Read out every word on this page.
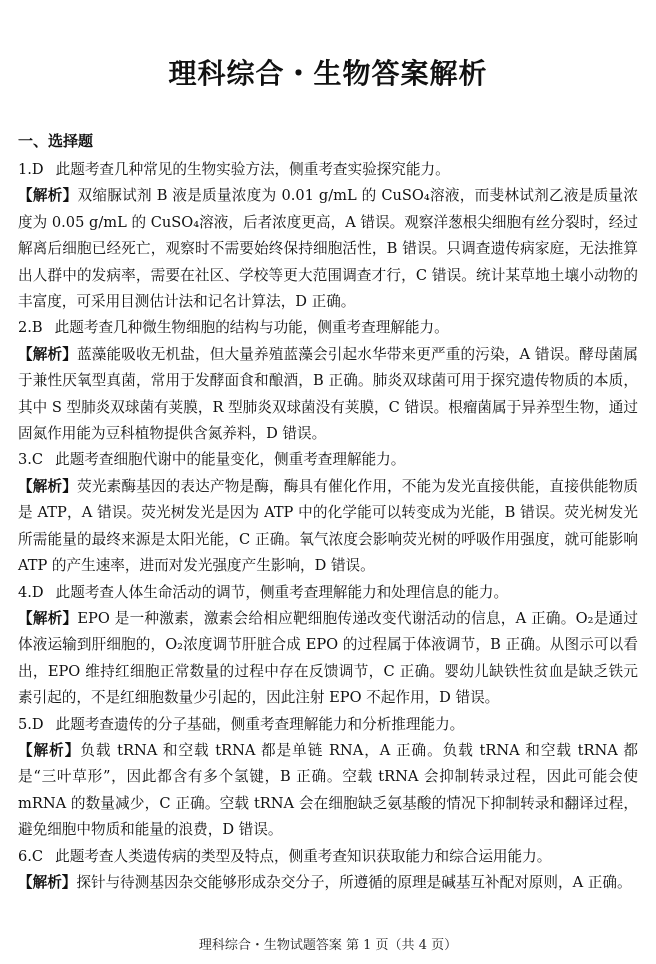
理科综合・生物答案解析
一、选择题
1.D 此题考查几种常见的生物实验方法，侧重考查实验探究能力。
【解析】双缩脲试剂 B 液是质量浓度为 0.01 g/mL 的 CuSO₄溶液，而斐林试剂乙液是质量浓度为 0.05 g/mL 的 CuSO₄溶液，后者浓度更高，A 错误。观察洋葱根尖细胞有丝分裂时，经过解离后细胞已经死亡，观察时不需要始终保持细胞活性，B 错误。只调查遗传病家庭，无法推算出人群中的发病率，需要在社区、学校等更大范围调查才行，C 错误。统计某草地土壤小动物的丰富度，可采用目测估计法和记名计算法，D 正确。
2.B 此题考查几种微生物细胞的结构与功能，侧重考查理解能力。
【解析】蓝藻能吸收无机盐，但大量养殖蓝藻会引起水华带来更严重的污染，A 错误。酵母菌属于兼性厌氧型真菌，常用于发酵面食和酿酒，B 正确。肺炎双球菌可用于探究遗传物质的本质，其中 S 型肺炎双球菌有荚膜，R 型肺炎双球菌没有荚膜，C 错误。根瘤菌属于异养型生物，通过固氮作用能为豆科植物提供含氮养料，D 错误。
3.C 此题考查细胞代谢中的能量变化，侧重考查理解能力。
【解析】荧光素酶基因的表达产物是酶，酶具有催化作用，不能为发光直接供能，直接供能物质是 ATP，A 错误。荧光树发光是因为 ATP 中的化学能可以转变成为光能，B 错误。荧光树发光所需能量的最终来源是太阳光能，C 正确。氧气浓度会影响荧光树的呼吸作用强度，就可能影响 ATP 的产生速率，进而对发光强度产生影响，D 错误。
4.D 此题考查人体生命活动的调节，侧重考查理解能力和处理信息的能力。
【解析】EPO 是一种激素，激素会给相应靶细胞传递改变代谢活动的信息，A 正确。O₂是通过体液运输到肝细胞的，O₂浓度调节肝脏合成 EPO 的过程属于体液调节，B 正确。从图示可以看出，EPO 维持红细胞正常数量的过程中存在反馈调节，C 正确。婴幼儿缺铁性贫血是缺乏铁元素引起的，不是红细胞数量少引起的，因此注射 EPO 不起作用，D 错误。
5.D 此题考查遗传的分子基础，侧重考查理解能力和分析推理能力。
【解析】负载 tRNA 和空载 tRNA 都是单链 RNA，A 正确。负载 tRNA 和空载 tRNA 都是“三叶草形”，因此都含有多个氢键，B 正确。空载 tRNA 会抑制转录过程，因此可能会使 mRNA 的数量减少，C 正确。空载 tRNA 会在细胞缺乏氨基酸的情况下抑制转录和翻译过程，避免细胞中物质和能量的浪费，D 错误。
6.C 此题考查人类遗传病的类型及特点，侧重考查知识获取能力和综合运用能力。
【解析】探针与待测基因杂交能够形成杂交分子，所遵循的原理是碱基互补配对原则，A 正确。
理科综合・生物试题答案 第 1 页（共 4 页）
